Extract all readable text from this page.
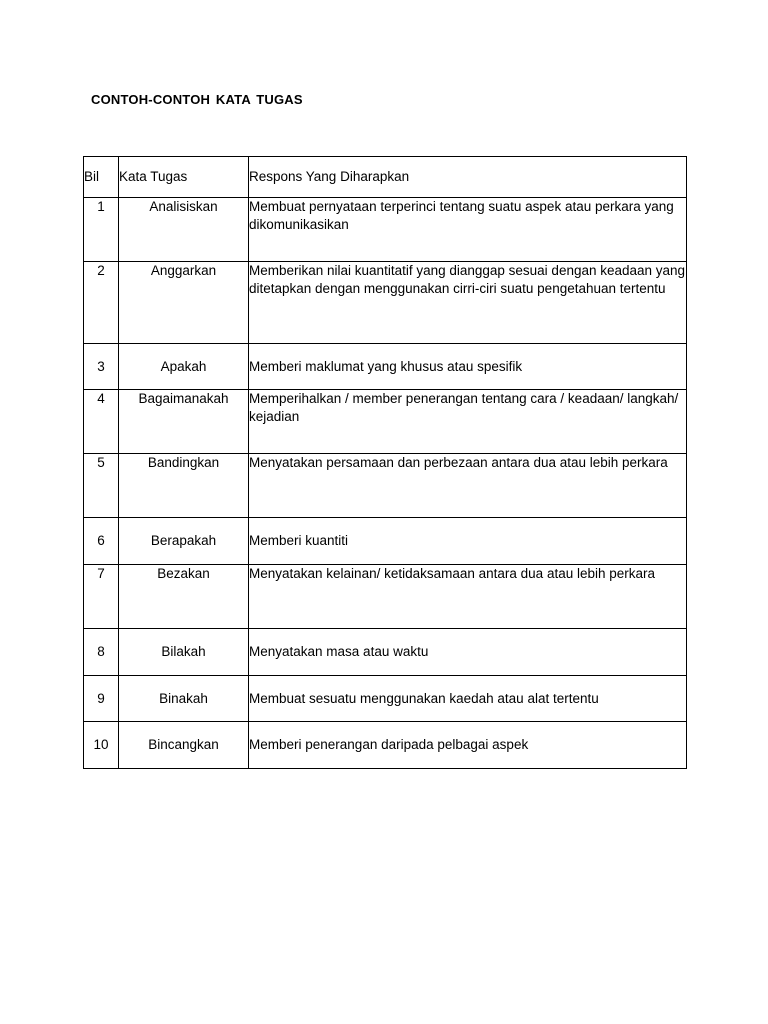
CONTOH-CONTOH KATA TUGAS
Bil	Kata Tugas	Respons Yang Diharapkan
1	Analisiskan	Membuat pernyataan terperinci tentang suatu aspek atau perkara yang dikomunikasikan
2	Anggarkan	Memberikan nilai kuantitatif yang dianggap sesuai dengan keadaan yang ditetapkan dengan menggunakan cirri-ciri suatu pengetahuan tertentu
3	Apakah	Memberi maklumat yang khusus atau spesifik
4	Bagaimanakah	Memperihalkan / member penerangan tentang cara / keadaan/ langkah/ kejadian
5	Bandingkan	Menyatakan persamaan dan perbezaan antara dua atau lebih perkara
6	Berapakah	Memberi kuantiti
7	Bezakan	Menyatakan kelainan/ ketidaksamaan antara dua atau lebih perkara
8	Bilakah	Menyatakan masa atau waktu
9	Binakah	Membuat sesuatu menggunakan kaedah atau alat tertentu
10	Bincangkan	Memberi penerangan daripada pelbagai aspek
